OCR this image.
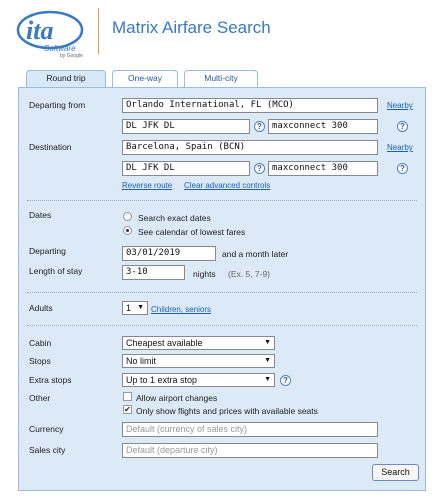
ita
Software
by Google
Matrix Airfare Search
Round trip	One-way	Multi-city
Departing from	Orlando International, FL (MCO)	Nearby
DL JFK DL	?	maxconnect 300	?
Destination	Barcelona, Spain (BCN)	Nearby
DL JFK DL	?	maxconnect 300	?
Reverse route Clear advanced controls
Dates	Search exact dates
See calendar of lowest fares
Departing	03/01/2019	and a month later
Length of stay	3-10	nights (Ex. 5, 7-9)
Adults	1 ▼ Children, seniors
Cabin	Cheapest available	▼
Stops	No limit	▼
Extra stops	Up to 1 extra stop	▼	?
Other	Allow airport changes
✔ Only show flights and prices with available seats
Currency	Default (currency of sales city)
Sales city	Default (departure city)
Search
